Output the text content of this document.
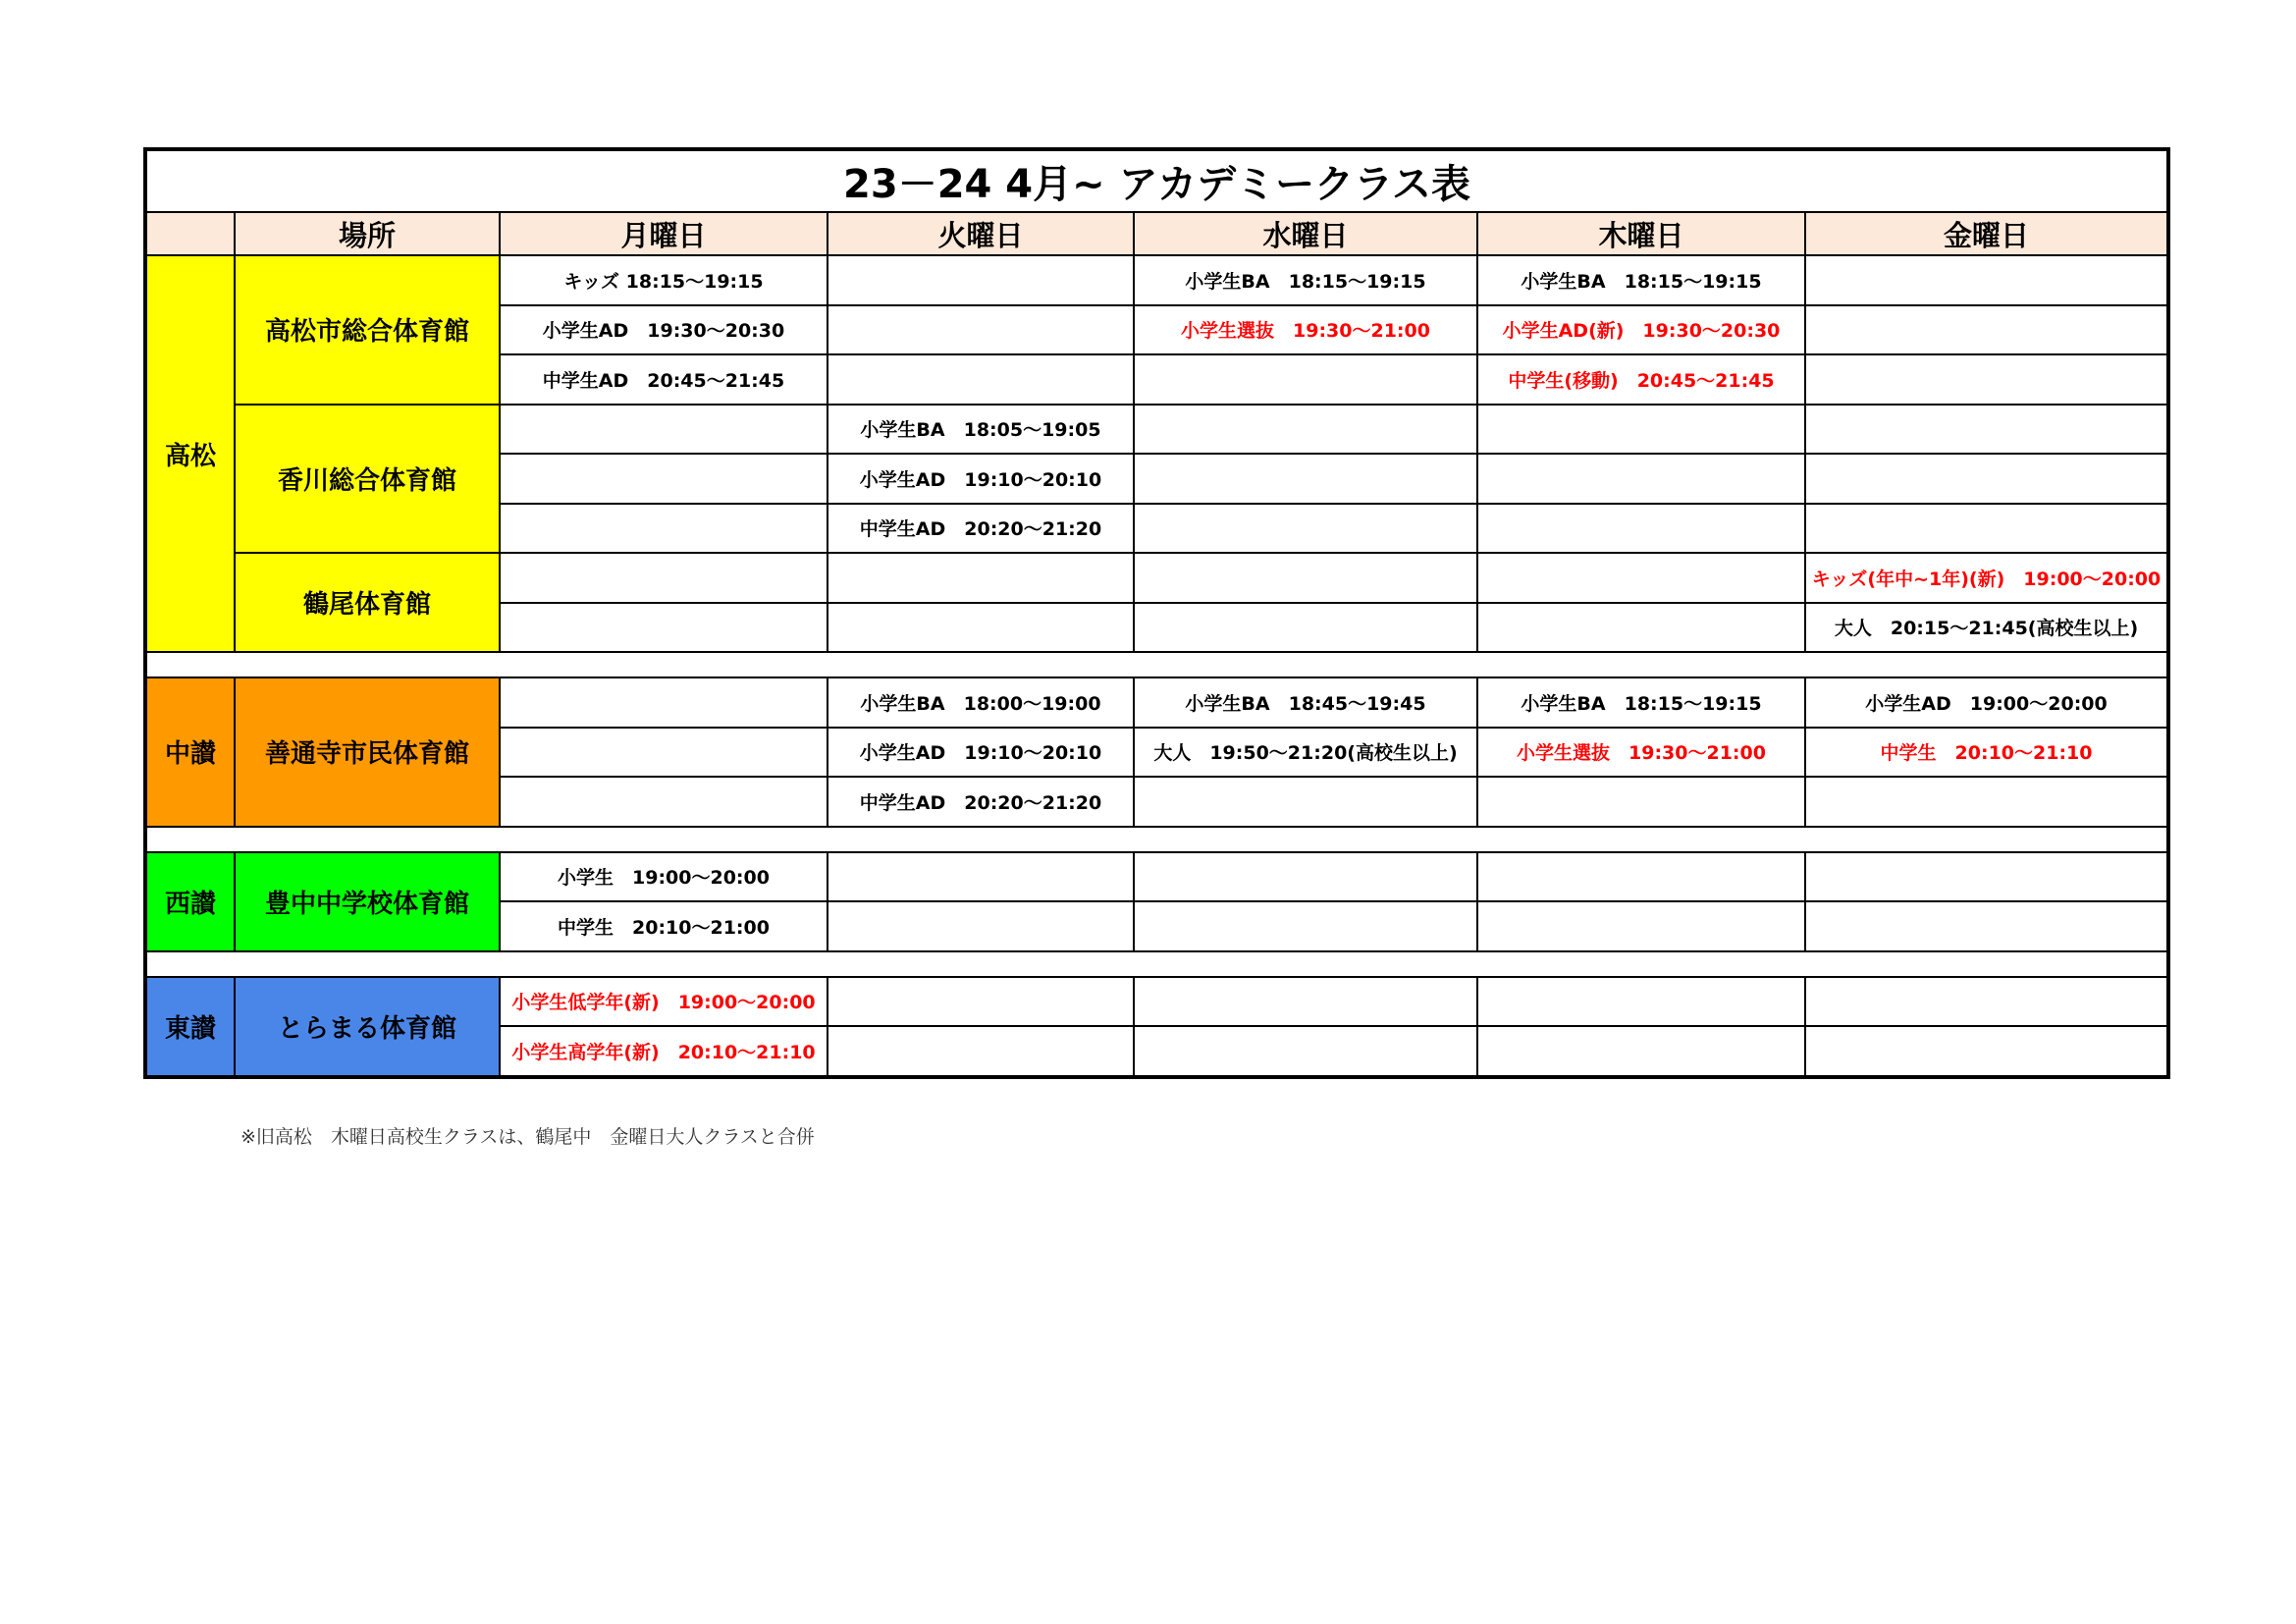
23－24 4月~ アカデミークラス表						
	場所	月曜日	火曜日	水曜日	木曜日	金曜日
高松	高松市総合体育館	キッズ 18:15〜19:15		小学生BA　18:15〜19:15	小学生BA　18:15〜19:15	
		小学生AD　19:30〜20:30		小学生選抜　19:30〜21:00	小学生AD(新)　19:30〜20:30	
		中学生AD　20:45〜21:45			中学生(移動)　20:45〜21:45	
	香川総合体育館		小学生BA　18:05〜19:05			
			小学生AD　19:10〜20:10			
			中学生AD　20:20〜21:20			
	鶴尾体育館					キッズ(年中~1年)(新)　19:00〜20:00
						大人　20:15〜21:45(高校生以上)

中讃	善通寺市民体育館		小学生BA　18:00〜19:00	小学生BA　18:45〜19:45	小学生BA　18:15〜19:15	小学生AD　19:00〜20:00
			小学生AD　19:10〜20:10	大人　19:50〜21:20(高校生以上)	小学生選抜　19:30〜21:00	中学生　20:10〜21:10
			中学生AD　20:20〜21:20			

西讃	豊中中学校体育館	小学生　19:00〜20:00				
		中学生　20:10〜21:00				

東讃	とらまる体育館	小学生低学年(新)　19:00〜20:00				
		小学生高学年(新)　20:10〜21:10				
※旧高松　木曜日高校生クラスは、鶴尾中　金曜日大人クラスと合併
